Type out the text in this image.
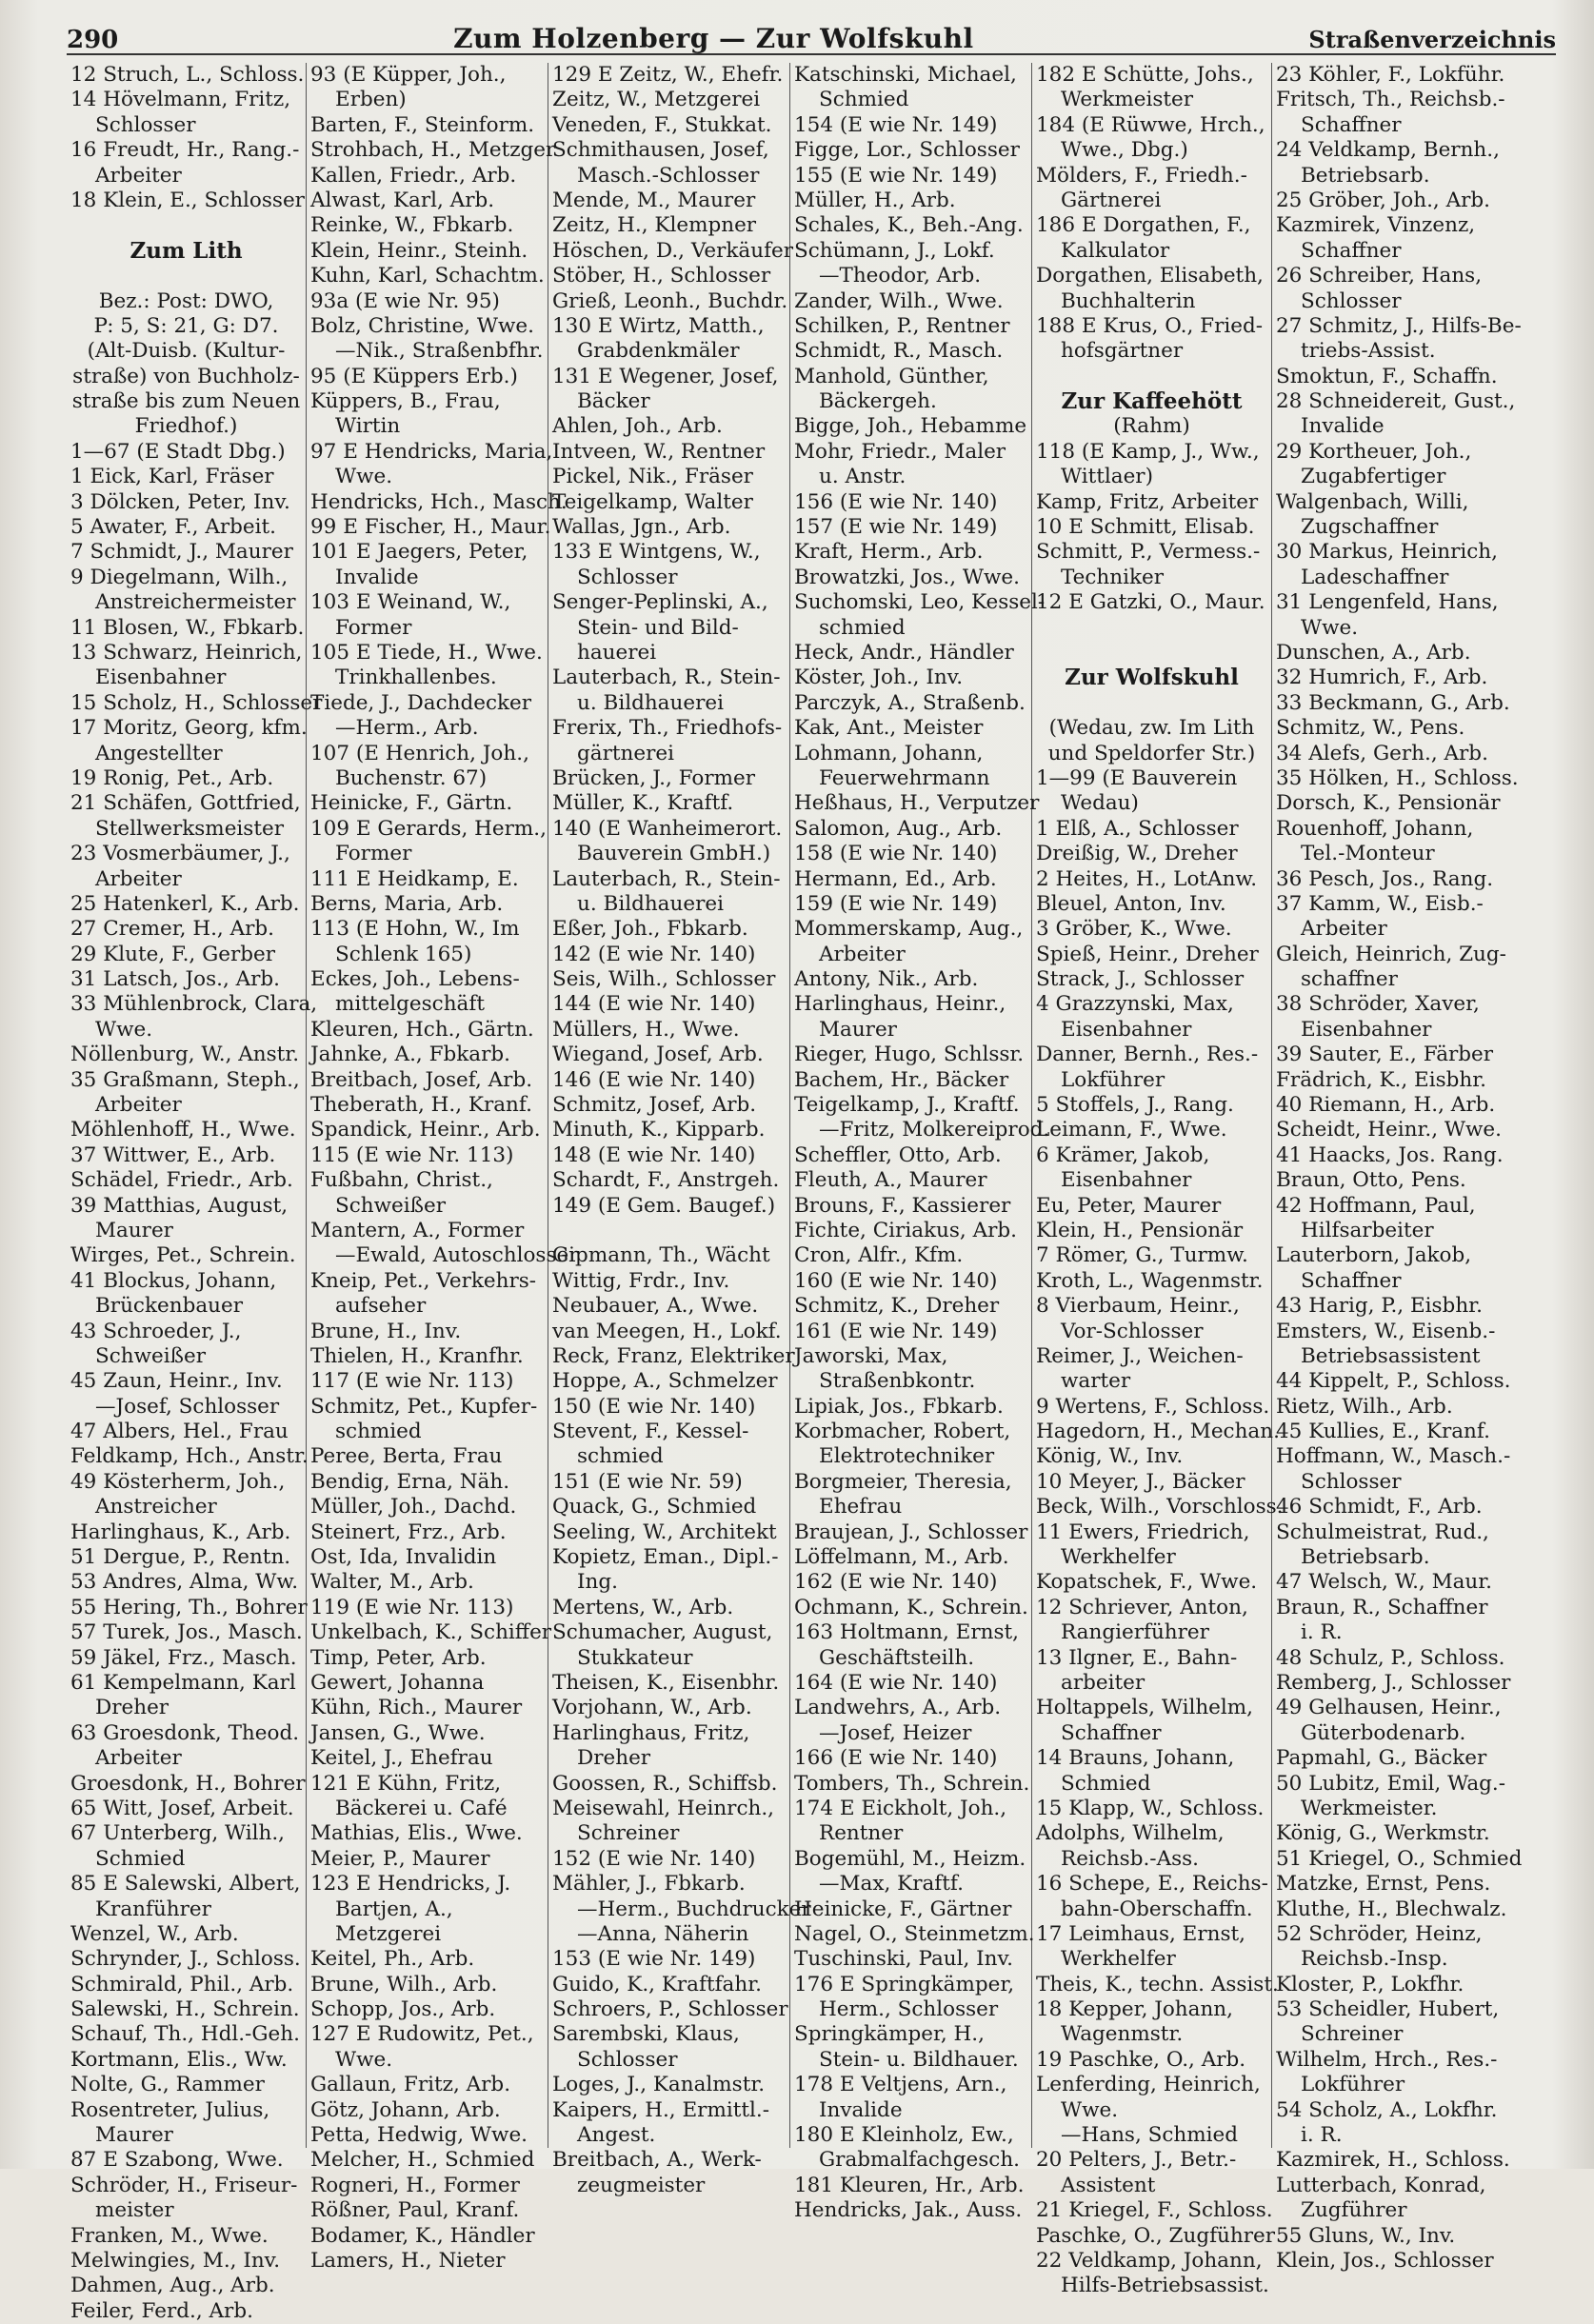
290	Zum Holzenberg — Zur Wolfskuhl	Straßenverzeichnis
12 Struch, L., Schloss.
14 Hövelmann, Fritz,
Schlosser
16 Freudt, Hr., Rang.-
Arbeiter
18 Klein, E., Schlosser
Zum Lith
Bez.: Post: DWO,
P: 5, S: 21, G: D7.
(Alt-Duisb. (Kultur-
straße) von Buchholz-
straße bis zum Neuen
Friedhof.)
1—67 (E Stadt Dbg.)
1 Eick, Karl, Fräser
3 Dölcken, Peter, Inv.
5 Awater, F., Arbeit.
7 Schmidt, J., Maurer
9 Diegelmann, Wilh.,
Anstreichermeister
11 Blosen, W., Fbkarb.
13 Schwarz, Heinrich,
Eisenbahner
15 Scholz, H., Schlosser
17 Moritz, Georg, kfm.
Angestellter
19 Ronig, Pet., Arb.
21 Schäfen, Gottfried,
Stellwerksmeister
23 Vosmerbäumer, J.,
Arbeiter
25 Hatenkerl, K., Arb.
27 Cremer, H., Arb.
29 Klute, F., Gerber
31 Latsch, Jos., Arb.
33 Mühlenbrock, Clara,
Wwe.
Nöllenburg, W., Anstr.
35 Graßmann, Steph.,
Arbeiter
Möhlenhoff, H., Wwe.
37 Wittwer, E., Arb.
Schädel, Friedr., Arb.
39 Matthias, August,
Maurer
Wirges, Pet., Schrein.
41 Blockus, Johann,
Brückenbauer
43 Schroeder, J.,
Schweißer
45 Zaun, Heinr., Inv.
—Josef, Schlosser
47 Albers, Hel., Frau
Feldkamp, Hch., Anstr.
49 Kösterherm, Joh.,
Anstreicher
Harlinghaus, K., Arb.
51 Dergue, P., Rentn.
53 Andres, Alma, Ww.
55 Hering, Th., Bohrer
57 Turek, Jos., Masch.
59 Jäkel, Frz., Masch.
61 Kempelmann, Karl
Dreher
63 Groesdonk, Theod.
Arbeiter
Groesdonk, H., Bohrer
65 Witt, Josef, Arbeit.
67 Unterberg, Wilh.,
Schmied
85 E Salewski, Albert,
Kranführer
Wenzel, W., Arb.
Schrynder, J., Schloss.
Schmirald, Phil., Arb.
Salewski, H., Schrein.
Schauf, Th., Hdl.-Geh.
Kortmann, Elis., Ww.
Nolte, G., Rammer
Rosentreter, Julius,
Maurer
87 E Szabong, Wwe.
Schröder, H., Friseur-
meister
Franken, M., Wwe.
Melwingies, M., Inv.
Dahmen, Aug., Arb.
Feiler, Ferd., Arb.
93 (E Küpper, Joh.,
Erben)
Barten, F., Steinform.
Strohbach, H., Metzger
Kallen, Friedr., Arb.
Alwast, Karl, Arb.
Reinke, W., Fbkarb.
Klein, Heinr., Steinh.
Kuhn, Karl, Schachtm.
93a (E wie Nr. 95)
Bolz, Christine, Wwe.
—Nik., Straßenbfhr.
95 (E Küppers Erb.)
Küppers, B., Frau,
Wirtin
97 E Hendricks, Maria,
Wwe.
Hendricks, Hch., Masch.
99 E Fischer, H., Maur.
101 E Jaegers, Peter,
Invalide
103 E Weinand, W.,
Former
105 E Tiede, H., Wwe.
Trinkhallenbes.
Tiede, J., Dachdecker
—Herm., Arb.
107 (E Henrich, Joh.,
Buchenstr. 67)
Heinicke, F., Gärtn.
109 E Gerards, Herm.,
Former
111 E Heidkamp, E.
Berns, Maria, Arb.
113 (E Hohn, W., Im
Schlenk 165)
Eckes, Joh., Lebens-
mittelgeschäft
Kleuren, Hch., Gärtn.
Jahnke, A., Fbkarb.
Breitbach, Josef, Arb.
Theberath, H., Kranf.
Spandick, Heinr., Arb.
115 (E wie Nr. 113)
Fußbahn, Christ.,
Schweißer
Mantern, A., Former
—Ewald, Autoschlosser
Kneip, Pet., Verkehrs-
aufseher
Brune, H., Inv.
Thielen, H., Kranfhr.
117 (E wie Nr. 113)
Schmitz, Pet., Kupfer-
schmied
Peree, Berta, Frau
Bendig, Erna, Näh.
Müller, Joh., Dachd.
Steinert, Frz., Arb.
Ost, Ida, Invalidin
Walter, M., Arb.
119 (E wie Nr. 113)
Unkelbach, K., Schiffer
Timp, Peter, Arb.
Gewert, Johanna
Kühn, Rich., Maurer
Jansen, G., Wwe.
Keitel, J., Ehefrau
121 E Kühn, Fritz,
Bäckerei u. Café
Mathias, Elis., Wwe.
Meier, P., Maurer
123 E Hendricks, J.
Bartjen, A.,
Metzgerei
Keitel, Ph., Arb.
Brune, Wilh., Arb.
Schopp, Jos., Arb.
127 E Rudowitz, Pet.,
Wwe.
Gallaun, Fritz, Arb.
Götz, Johann, Arb.
Petta, Hedwig, Wwe.
Melcher, H., Schmied
Rogneri, H., Former
Rößner, Paul, Kranf.
Bodamer, K., Händler
Lamers, H., Nieter
129 E Zeitz, W., Ehefr.
Zeitz, W., Metzgerei
Veneden, F., Stukkat.
Schmithausen, Josef,
Masch.-Schlosser
Mende, M., Maurer
Zeitz, H., Klempner
Höschen, D., Verkäufer
Stöber, H., Schlosser
Grieß, Leonh., Buchdr.
130 E Wirtz, Matth.,
Grabdenkmäler
131 E Wegener, Josef,
Bäcker
Ahlen, Joh., Arb.
Intveen, W., Rentner
Pickel, Nik., Fräser
Teigelkamp, Walter
Wallas, Jgn., Arb.
133 E Wintgens, W.,
Schlosser
Senger-Peplinski, A.,
Stein- und Bild-
hauerei
Lauterbach, R., Stein-
u. Bildhauerei
Frerix, Th., Friedhofs-
gärtnerei
Brücken, J., Former
Müller, K., Kraftf.
140 (E Wanheimerort.
Bauverein GmbH.)
Lauterbach, R., Stein-
u. Bildhauerei
Eßer, Joh., Fbkarb.
142 (E wie Nr. 140)
Seis, Wilh., Schlosser
144 (E wie Nr. 140)
Müllers, H., Wwe.
Wiegand, Josef, Arb.
146 (E wie Nr. 140)
Schmitz, Josef, Arb.
Minuth, K., Kipparb.
148 (E wie Nr. 140)
Schardt, F., Anstrgeh.
149 (E Gem. Baugef.)
Gipmann, Th., Wächt
Wittig, Frdr., Inv.
Neubauer, A., Wwe.
van Meegen, H., Lokf.
Reck, Franz, Elektriker
Hoppe, A., Schmelzer
150 (E wie Nr. 140)
Stevent, F., Kessel-
schmied
151 (E wie Nr. 59)
Quack, G., Schmied
Seeling, W., Architekt
Kopietz, Eman., Dipl.-
Ing.
Mertens, W., Arb.
Schumacher, August,
Stukkateur
Theisen, K., Eisenbhr.
Vorjohann, W., Arb.
Harlinghaus, Fritz,
Dreher
Goossen, R., Schiffsb.
Meisewahl, Heinrch.,
Schreiner
152 (E wie Nr. 140)
Mähler, J., Fbkarb.
—Herm., Buchdrucker
—Anna, Näherin
153 (E wie Nr. 149)
Guido, K., Kraftfahr.
Schroers, P., Schlosser
Sarembski, Klaus,
Schlosser
Loges, J., Kanalmstr.
Kaipers, H., Ermittl.-
Angest.
Breitbach, A., Werk-
zeugmeister
Katschinski, Michael,
Schmied
154 (E wie Nr. 149)
Figge, Lor., Schlosser
155 (E wie Nr. 149)
Müller, H., Arb.
Schales, K., Beh.-Ang.
Schümann, J., Lokf.
—Theodor, Arb.
Zander, Wilh., Wwe.
Schilken, P., Rentner
Schmidt, R., Masch.
Manhold, Günther,
Bäckergeh.
Bigge, Joh., Hebamme
Mohr, Friedr., Maler
u. Anstr.
156 (E wie Nr. 140)
157 (E wie Nr. 149)
Kraft, Herm., Arb.
Browatzki, Jos., Wwe.
Suchomski, Leo, Kessel-
schmied
Heck, Andr., Händler
Köster, Joh., Inv.
Parczyk, A., Straßenb.
Kak, Ant., Meister
Lohmann, Johann,
Feuerwehrmann
Heßhaus, H., Verputzer
Salomon, Aug., Arb.
158 (E wie Nr. 140)
Hermann, Ed., Arb.
159 (E wie Nr. 149)
Mommerskamp, Aug.,
Arbeiter
Antony, Nik., Arb.
Harlinghaus, Heinr.,
Maurer
Rieger, Hugo, Schlssr.
Bachem, Hr., Bäcker
Teigelkamp, J., Kraftf.
—Fritz, Molkereiprod.
Scheffler, Otto, Arb.
Fleuth, A., Maurer
Brouns, F., Kassierer
Fichte, Ciriakus, Arb.
Cron, Alfr., Kfm.
160 (E wie Nr. 140)
Schmitz, K., Dreher
161 (E wie Nr. 149)
Jaworski, Max,
Straßenbkontr.
Lipiak, Jos., Fbkarb.
Korbmacher, Robert,
Elektrotechniker
Borgmeier, Theresia,
Ehefrau
Braujean, J., Schlosser
Löffelmann, M., Arb.
162 (E wie Nr. 140)
Ochmann, K., Schrein.
163 Holtmann, Ernst,
Geschäftsteilh.
164 (E wie Nr. 140)
Landwehrs, A., Arb.
—Josef, Heizer
166 (E wie Nr. 140)
Tombers, Th., Schrein.
174 E Eickholt, Joh.,
Rentner
Bogemühl, M., Heizm.
—Max, Kraftf.
Heinicke, F., Gärtner
Nagel, O., Steinmetzm.
Tuschinski, Paul, Inv.
176 E Springkämper,
Herm., Schlosser
Springkämper, H.,
Stein- u. Bildhauer.
178 E Veltjens, Arn.,
Invalide
180 E Kleinholz, Ew.,
Grabmalfachgesch.
181 Kleuren, Hr., Arb.
Hendricks, Jak., Auss.
182 E Schütte, Johs.,
Werkmeister
184 (E Rüwwe, Hrch.,
Wwe., Dbg.)
Mölders, F., Friedh.-
Gärtnerei
186 E Dorgathen, F.,
Kalkulator
Dorgathen, Elisabeth,
Buchhalterin
188 E Krus, O., Fried-
hofsgärtner
Zur Kaffeehött
(Rahm)
118 (E Kamp, J., Ww.,
Wittlaer)
Kamp, Fritz, Arbeiter
10 E Schmitt, Elisab.
Schmitt, P., Vermess.-
Techniker
12 E Gatzki, O., Maur.
Zur Wolfskuhl
(Wedau, zw. Im Lith
und Speldorfer Str.)
1—99 (E Bauverein
Wedau)
1 Elß, A., Schlosser
Dreißig, W., Dreher
2 Heites, H., LotAnw.
Bleuel, Anton, Inv.
3 Gröber, K., Wwe.
Spieß, Heinr., Dreher
Strack, J., Schlosser
4 Grazzynski, Max,
Eisenbahner
Danner, Bernh., Res.-
Lokführer
5 Stoffels, J., Rang.
Leimann, F., Wwe.
6 Krämer, Jakob,
Eisenbahner
Eu, Peter, Maurer
Klein, H., Pensionär
7 Römer, G., Turmw.
Kroth, L., Wagenmstr.
8 Vierbaum, Heinr.,
Vor-Schlosser
Reimer, J., Weichen-
warter
9 Wertens, F., Schloss.
Hagedorn, H., Mechan.
König, W., Inv.
10 Meyer, J., Bäcker
Beck, Wilh., Vorschloss.
11 Ewers, Friedrich,
Werkhelfer
Kopatschek, F., Wwe.
12 Schriever, Anton,
Rangierführer
13 Ilgner, E., Bahn-
arbeiter
Holtappels, Wilhelm,
Schaffner
14 Brauns, Johann,
Schmied
15 Klapp, W., Schloss.
Adolphs, Wilhelm,
Reichsb.-Ass.
16 Schepe, E., Reichs-
bahn-Oberschaffn.
17 Leimhaus, Ernst,
Werkhelfer
Theis, K., techn. Assist.
18 Kepper, Johann,
Wagenmstr.
19 Paschke, O., Arb.
Lenferding, Heinrich,
Wwe.
—Hans, Schmied
20 Pelters, J., Betr.-
Assistent
21 Kriegel, F., Schloss.
Paschke, O., Zugführer
22 Veldkamp, Johann,
Hilfs-Betriebsassist.
23 Köhler, F., Lokführ.
Fritsch, Th., Reichsb.-
Schaffner
24 Veldkamp, Bernh.,
Betriebsarb.
25 Gröber, Joh., Arb.
Kazmirek, Vinzenz,
Schaffner
26 Schreiber, Hans,
Schlosser
27 Schmitz, J., Hilfs-Be-
triebs-Assist.
Smoktun, F., Schaffn.
28 Schneidereit, Gust.,
Invalide
29 Kortheuer, Joh.,
Zugabfertiger
Walgenbach, Willi,
Zugschaffner
30 Markus, Heinrich,
Ladeschaffner
31 Lengenfeld, Hans,
Wwe.
Dunschen, A., Arb.
32 Humrich, F., Arb.
33 Beckmann, G., Arb.
Schmitz, W., Pens.
34 Alefs, Gerh., Arb.
35 Hölken, H., Schloss.
Dorsch, K., Pensionär
Rouenhoff, Johann,
Tel.-Monteur
36 Pesch, Jos., Rang.
37 Kamm, W., Eisb.-
Arbeiter
Gleich, Heinrich, Zug-
schaffner
38 Schröder, Xaver,
Eisenbahner
39 Sauter, E., Färber
Frädrich, K., Eisbhr.
40 Riemann, H., Arb.
Scheidt, Heinr., Wwe.
41 Haacks, Jos. Rang.
Braun, Otto, Pens.
42 Hoffmann, Paul,
Hilfsarbeiter
Lauterborn, Jakob,
Schaffner
43 Harig, P., Eisbhr.
Emsters, W., Eisenb.-
Betriebsassistent
44 Kippelt, P., Schloss.
Rietz, Wilh., Arb.
45 Kullies, E., Kranf.
Hoffmann, W., Masch.-
Schlosser
46 Schmidt, F., Arb.
Schulmeistrat, Rud.,
Betriebsarb.
47 Welsch, W., Maur.
Braun, R., Schaffner
i. R.
48 Schulz, P., Schloss.
Remberg, J., Schlosser
49 Gelhausen, Heinr.,
Güterbodenarb.
Papmahl, G., Bäcker
50 Lubitz, Emil, Wag.-
Werkmeister.
König, G., Werkmstr.
51 Kriegel, O., Schmied
Matzke, Ernst, Pens.
Kluthe, H., Blechwalz.
52 Schröder, Heinz,
Reichsb.-Insp.
Kloster, P., Lokfhr.
53 Scheidler, Hubert,
Schreiner
Wilhelm, Hrch., Res.-
Lokführer
54 Scholz, A., Lokfhr.
i. R.
Kazmirek, H., Schloss.
Lutterbach, Konrad,
Zugführer
55 Gluns, W., Inv.
Klein, Jos., Schlosser
